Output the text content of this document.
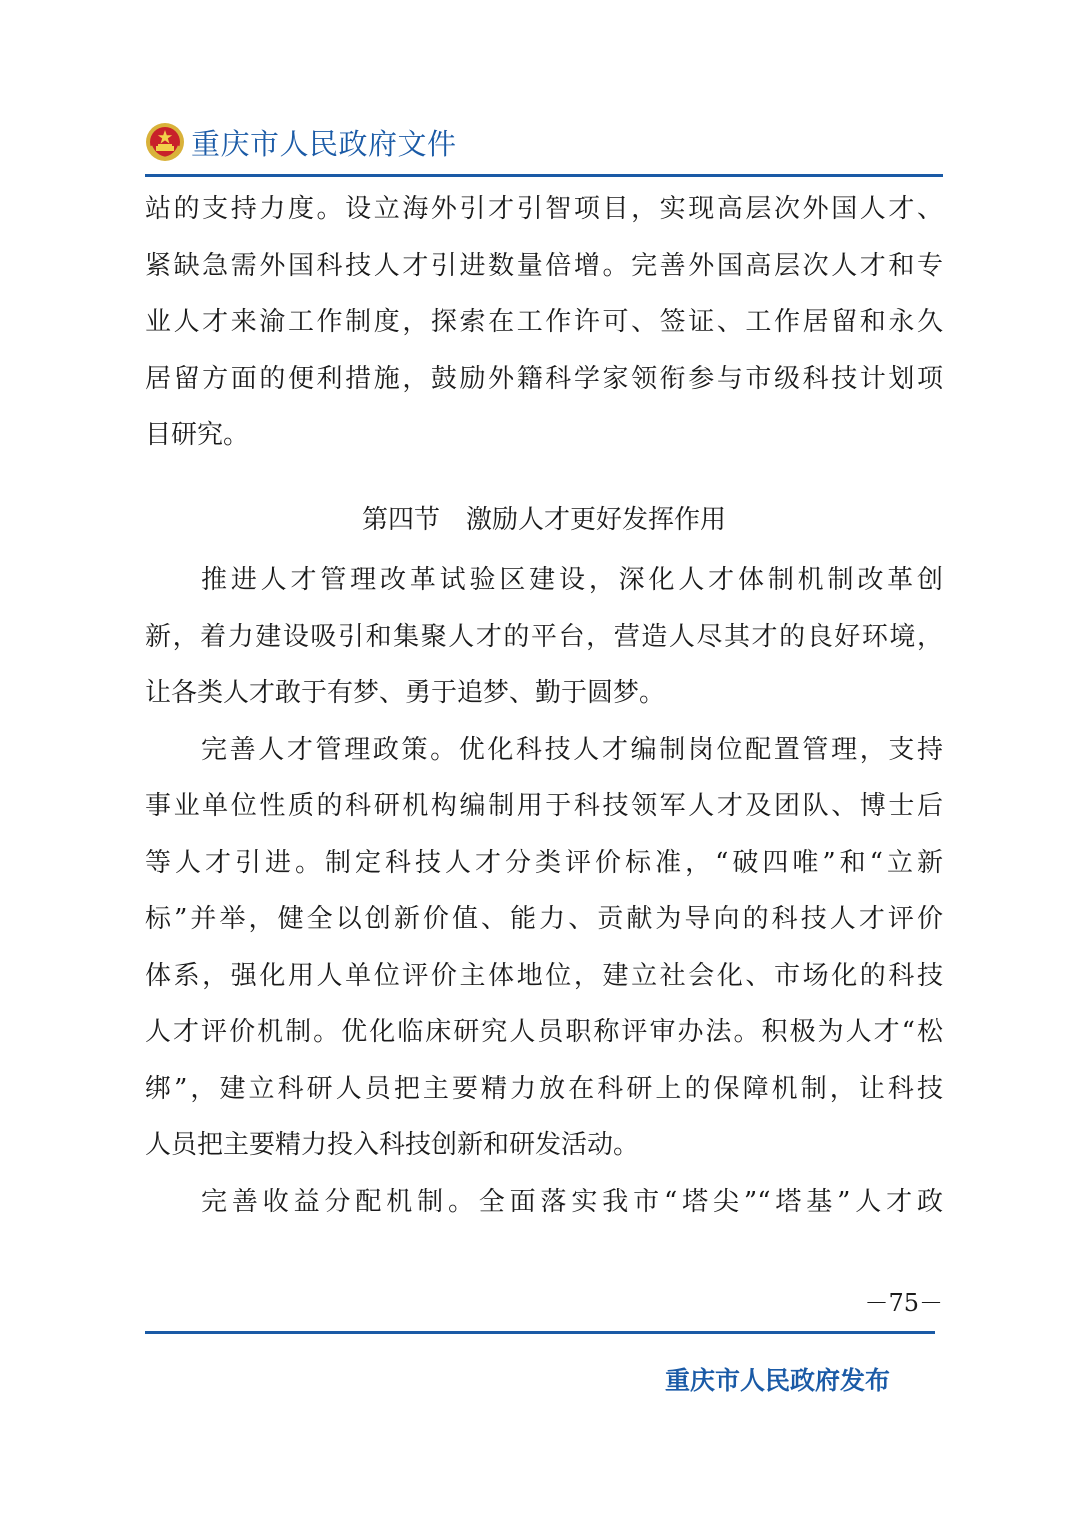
重庆市人民政府文件
站的支持力度。设立海外引才引智项目，实现高层次外国人才、
紧缺急需外国科技人才引进数量倍增。完善外国高层次人才和专
业人才来渝工作制度，探索在工作许可、签证、工作居留和永久
居留方面的便利措施，鼓励外籍科学家领衔参与市级科技计划项
目研究。
第四节　激励人才更好发挥作用
推进人才管理改革试验区建设，深化人才体制机制改革创
新，着力建设吸引和集聚人才的平台，营造人尽其才的良好环境，
让各类人才敢于有梦、勇于追梦、勤于圆梦。
完善人才管理政策。优化科技人才编制岗位配置管理，支持
事业单位性质的科研机构编制用于科技领军人才及团队、博士后
等人才引进。制定科技人才分类评价标准，“破四唯”和“立新
标”并举，健全以创新价值、能力、贡献为导向的科技人才评价
体系，强化用人单位评价主体地位，建立社会化、市场化的科技
人才评价机制。优化临床研究人员职称评审办法。积极为人才“松
绑”，建立科研人员把主要精力放在科研上的保障机制，让科技
人员把主要精力投入科技创新和研发活动。
完善收益分配机制。全面落实我市“塔尖”“塔基”人才政
－75－
重庆市人民政府发布
